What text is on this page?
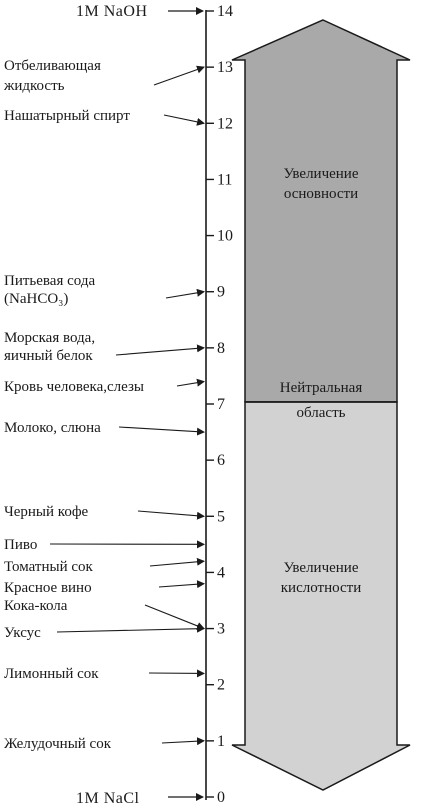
Увеличение
основности
Нейтральная
область
Увеличение
кислотности
1M NaOH
1M NaCl	0
1
2
3
4
5
6
7
8
9
10
11
12
13
14
Отбеливающая
жидкость
Нашатырный спирт
Питьевая сода
(NaHCO₃)
Морская вода,
яичный белок
Кровь человека,слезы
Молоко, слюна
Черный кофе
Пиво
Томатный сок
Красное вино
Кока-кола
Уксус
Лимонный сок
Желудочный сок
